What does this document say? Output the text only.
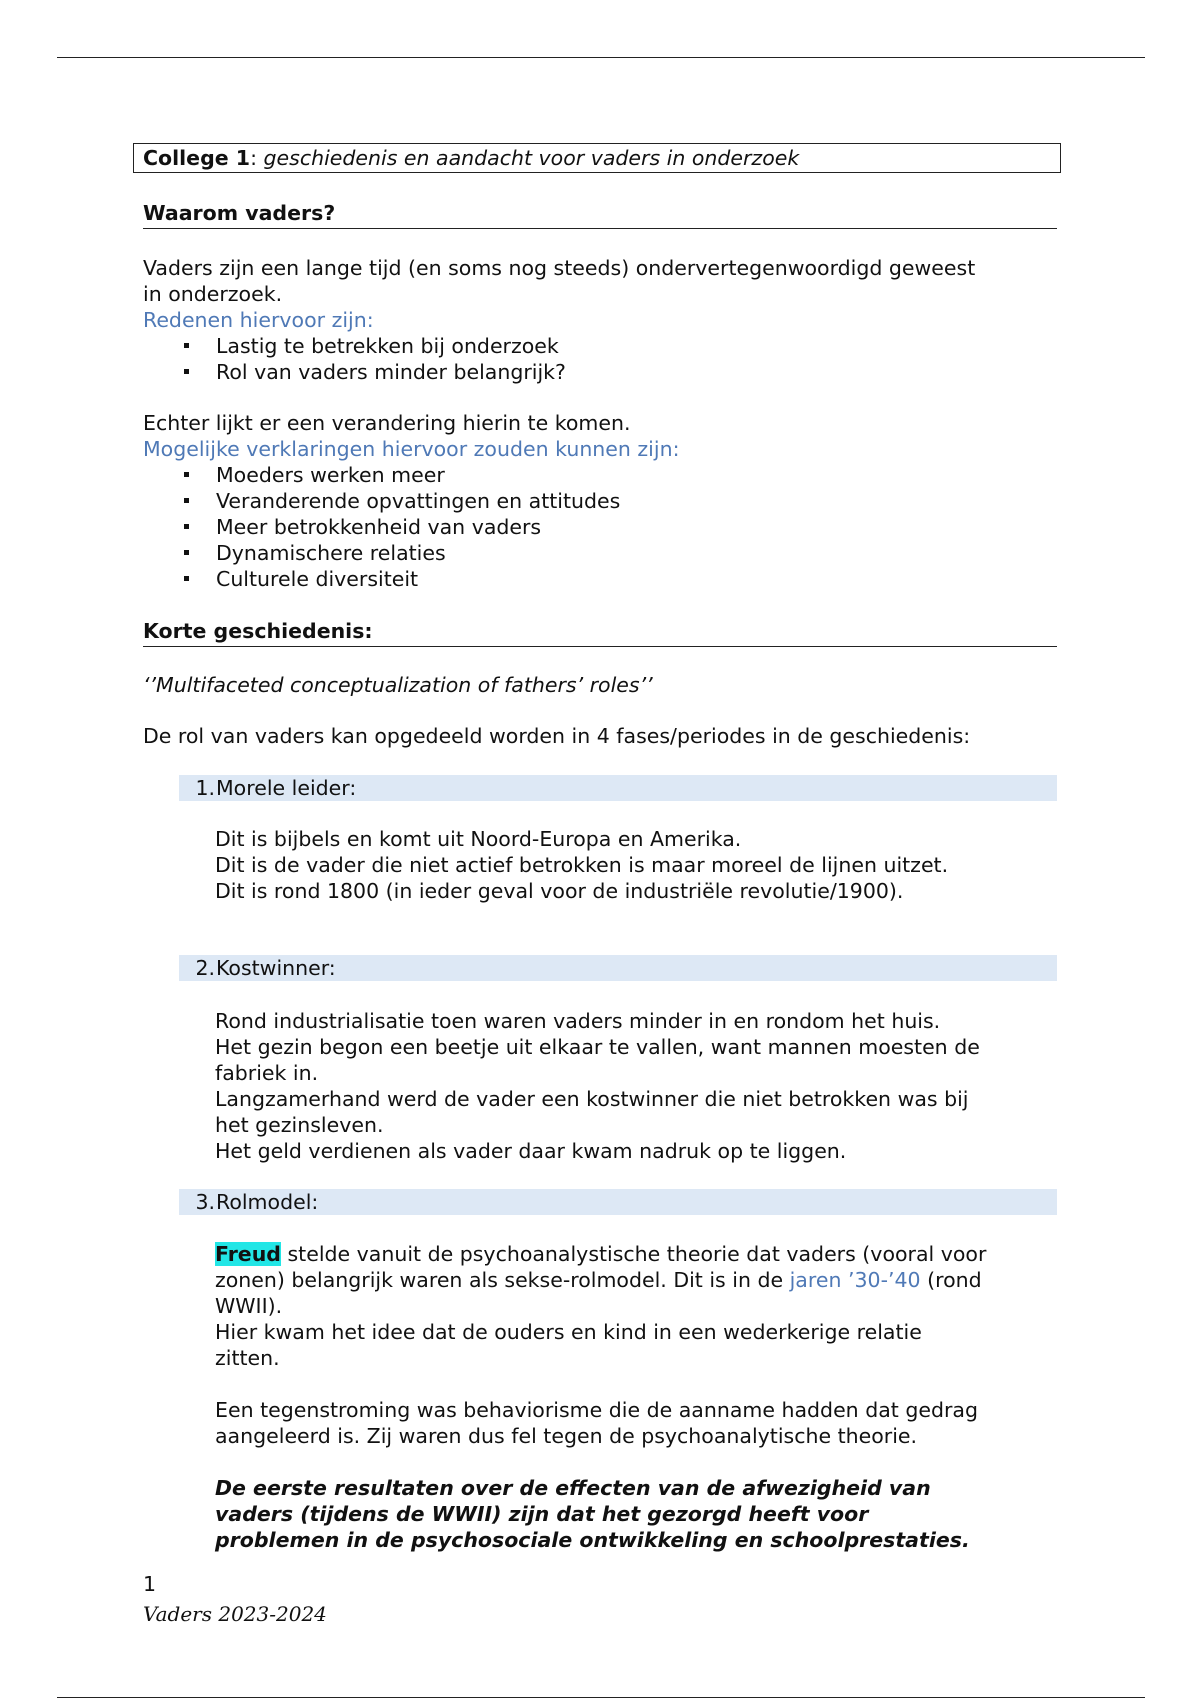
College 1: geschiedenis en aandacht voor vaders in onderzoek
Waarom vaders?
Vaders zijn een lange tijd (en soms nog steeds) ondervertegenwoordigd geweest
in onderzoek.
Redenen hiervoor zijn:
Lastig te betrekken bij onderzoek
Rol van vaders minder belangrijk?
Echter lijkt er een verandering hierin te komen.
Mogelijke verklaringen hiervoor zouden kunnen zijn:
Moeders werken meer
Veranderende opvattingen en attitudes
Meer betrokkenheid van vaders
Dynamischere relaties
Culturele diversiteit
Korte geschiedenis:
‘’Multifaceted conceptualization of fathers’ roles’’
De rol van vaders kan opgedeeld worden in 4 fases/periodes in de geschiedenis:
1. Morele leider:
Dit is bijbels en komt uit Noord-Europa en Amerika.
Dit is de vader die niet actief betrokken is maar moreel de lijnen uitzet.
Dit is rond 1800 (in ieder geval voor de industriële revolutie/1900).
2. Kostwinner:
Rond industrialisatie toen waren vaders minder in en rondom het huis.
Het gezin begon een beetje uit elkaar te vallen, want mannen moesten de
fabriek in.
Langzamerhand werd de vader een kostwinner die niet betrokken was bij
het gezinsleven.
Het geld verdienen als vader daar kwam nadruk op te liggen.
3. Rolmodel:
Freud stelde vanuit de psychoanalystische theorie dat vaders (vooral voor
zonen) belangrijk waren als sekse-rolmodel. Dit is in de jaren ’30-’40 (rond
WWII).
Hier kwam het idee dat de ouders en kind in een wederkerige relatie
zitten.
Een tegenstroming was behaviorisme die de aanname hadden dat gedrag
aangeleerd is. Zij waren dus fel tegen de psychoanalytische theorie.
De eerste resultaten over de effecten van de afwezigheid van
vaders (tijdens de WWII) zijn dat het gezorgd heeft voor
problemen in de psychosociale ontwikkeling en schoolprestaties.
1
Vaders 2023-2024
